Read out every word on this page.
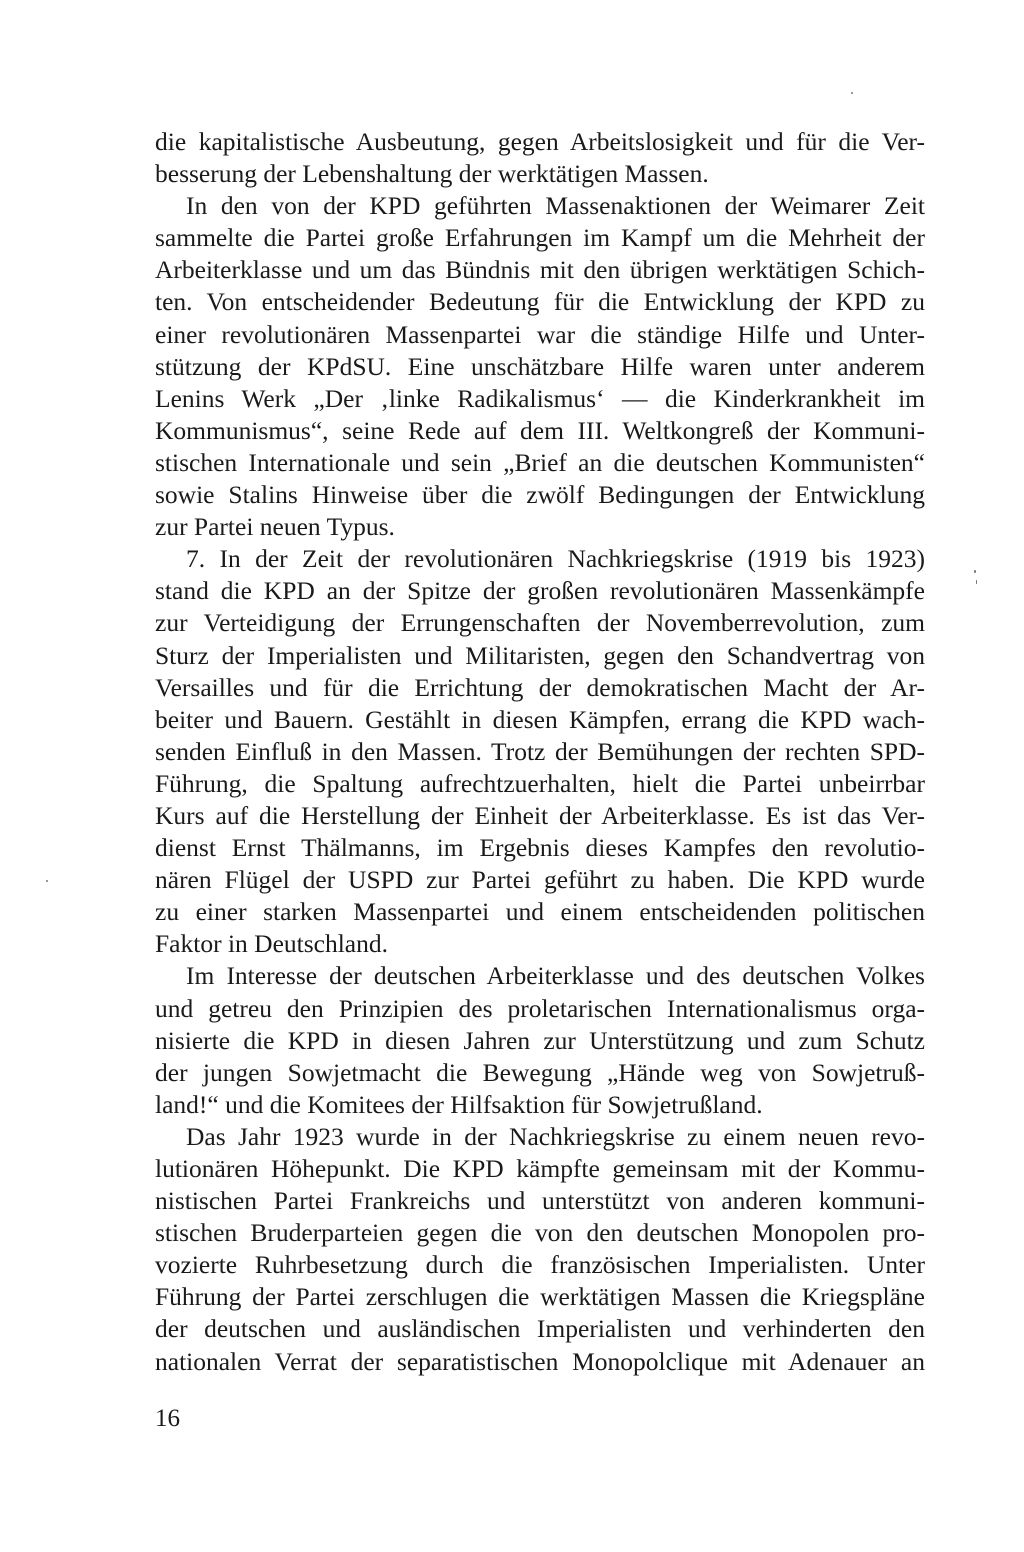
die kapitalistische Ausbeutung, gegen Arbeitslosigkeit und für die Ver-
besserung der Lebenshaltung der werktätigen Massen.
In den von der KPD geführten Massenaktionen der Weimarer Zeit
sammelte die Partei große Erfahrungen im Kampf um die Mehrheit der
Arbeiterklasse und um das Bündnis mit den übrigen werktätigen Schich-
ten. Von entscheidender Bedeutung für die Entwicklung der KPD zu
einer revolutionären Massenpartei war die ständige Hilfe und Unter-
stützung der KPdSU. Eine unschätzbare Hilfe waren unter anderem
Lenins Werk „Der ‚linke Radikalismus‘ — die Kinderkrankheit im
Kommunismus“, seine Rede auf dem III. Weltkongreß der Kommuni-
stischen Internationale und sein „Brief an die deutschen Kommunisten“
sowie Stalins Hinweise über die zwölf Bedingungen der Entwicklung
zur Partei neuen Typus.
7. In der Zeit der revolutionären Nachkriegskrise (1919 bis 1923)
stand die KPD an der Spitze der großen revolutionären Massenkämpfe
zur Verteidigung der Errungenschaften der Novemberrevolution, zum
Sturz der Imperialisten und Militaristen, gegen den Schandvertrag von
Versailles und für die Errichtung der demokratischen Macht der Ar-
beiter und Bauern. Gestählt in diesen Kämpfen, errang die KPD wach-
senden Einfluß in den Massen. Trotz der Bemühungen der rechten SPD-
Führung, die Spaltung aufrechtzuerhalten, hielt die Partei unbeirrbar
Kurs auf die Herstellung der Einheit der Arbeiterklasse. Es ist das Ver-
dienst Ernst Thälmanns, im Ergebnis dieses Kampfes den revolutio-
nären Flügel der USPD zur Partei geführt zu haben. Die KPD wurde
zu einer starken Massenpartei und einem entscheidenden politischen
Faktor in Deutschland.
Im Interesse der deutschen Arbeiterklasse und des deutschen Volkes
und getreu den Prinzipien des proletarischen Internationalismus orga-
nisierte die KPD in diesen Jahren zur Unterstützung und zum Schutz
der jungen Sowjetmacht die Bewegung „Hände weg von Sowjetruß-
land!“ und die Komitees der Hilfsaktion für Sowjetrußland.
Das Jahr 1923 wurde in der Nachkriegskrise zu einem neuen revo-
lutionären Höhepunkt. Die KPD kämpfte gemeinsam mit der Kommu-
nistischen Partei Frankreichs und unterstützt von anderen kommuni-
stischen Bruderparteien gegen die von den deutschen Monopolen pro-
vozierte Ruhrbesetzung durch die französischen Imperialisten. Unter
Führung der Partei zerschlugen die werktätigen Massen die Kriegspläne
der deutschen und ausländischen Imperialisten und verhinderten den
nationalen Verrat der separatistischen Monopolclique mit Adenauer an
16
